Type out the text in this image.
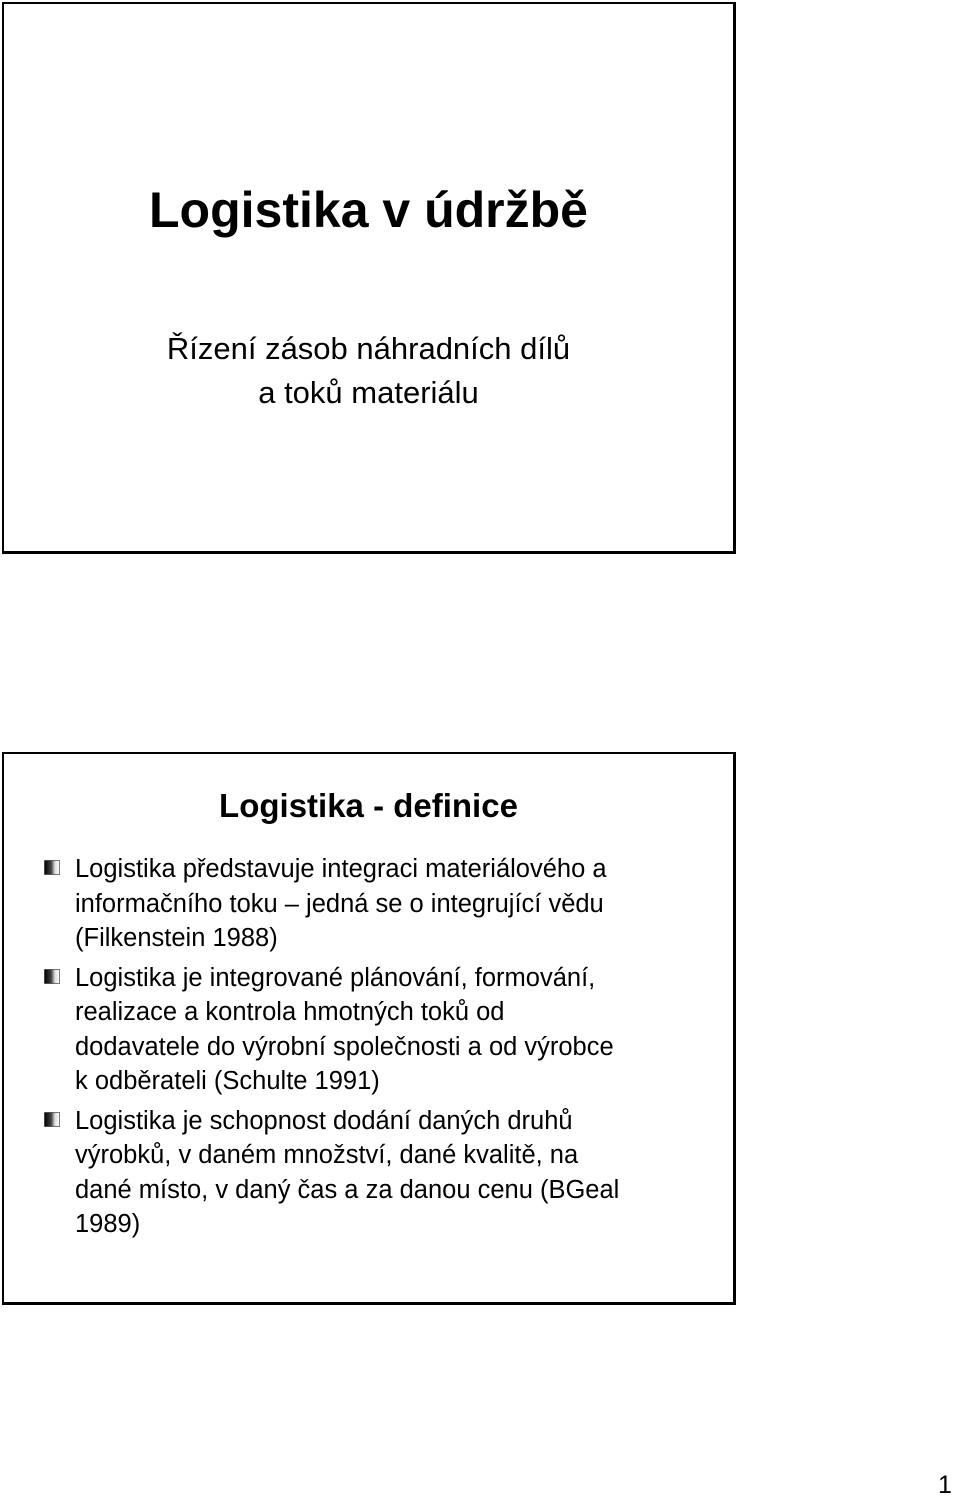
Logistika v údržbě
Řízení zásob náhradních dílů
a toků materiálu
Logistika - definice
Logistika představuje integraci materiálového a
informačního toku – jedná se o integrující vědu
(Filkenstein 1988)
Logistika je integrované plánování, formování,
realizace a kontrola hmotných toků od
dodavatele do výrobní společnosti a od výrobce
k odběrateli (Schulte 1991)
Logistika je schopnost dodání daných druhů
výrobků, v daném množství, dané kvalitě, na
dané místo, v daný čas a za danou cenu (BGeal
1989)
1
